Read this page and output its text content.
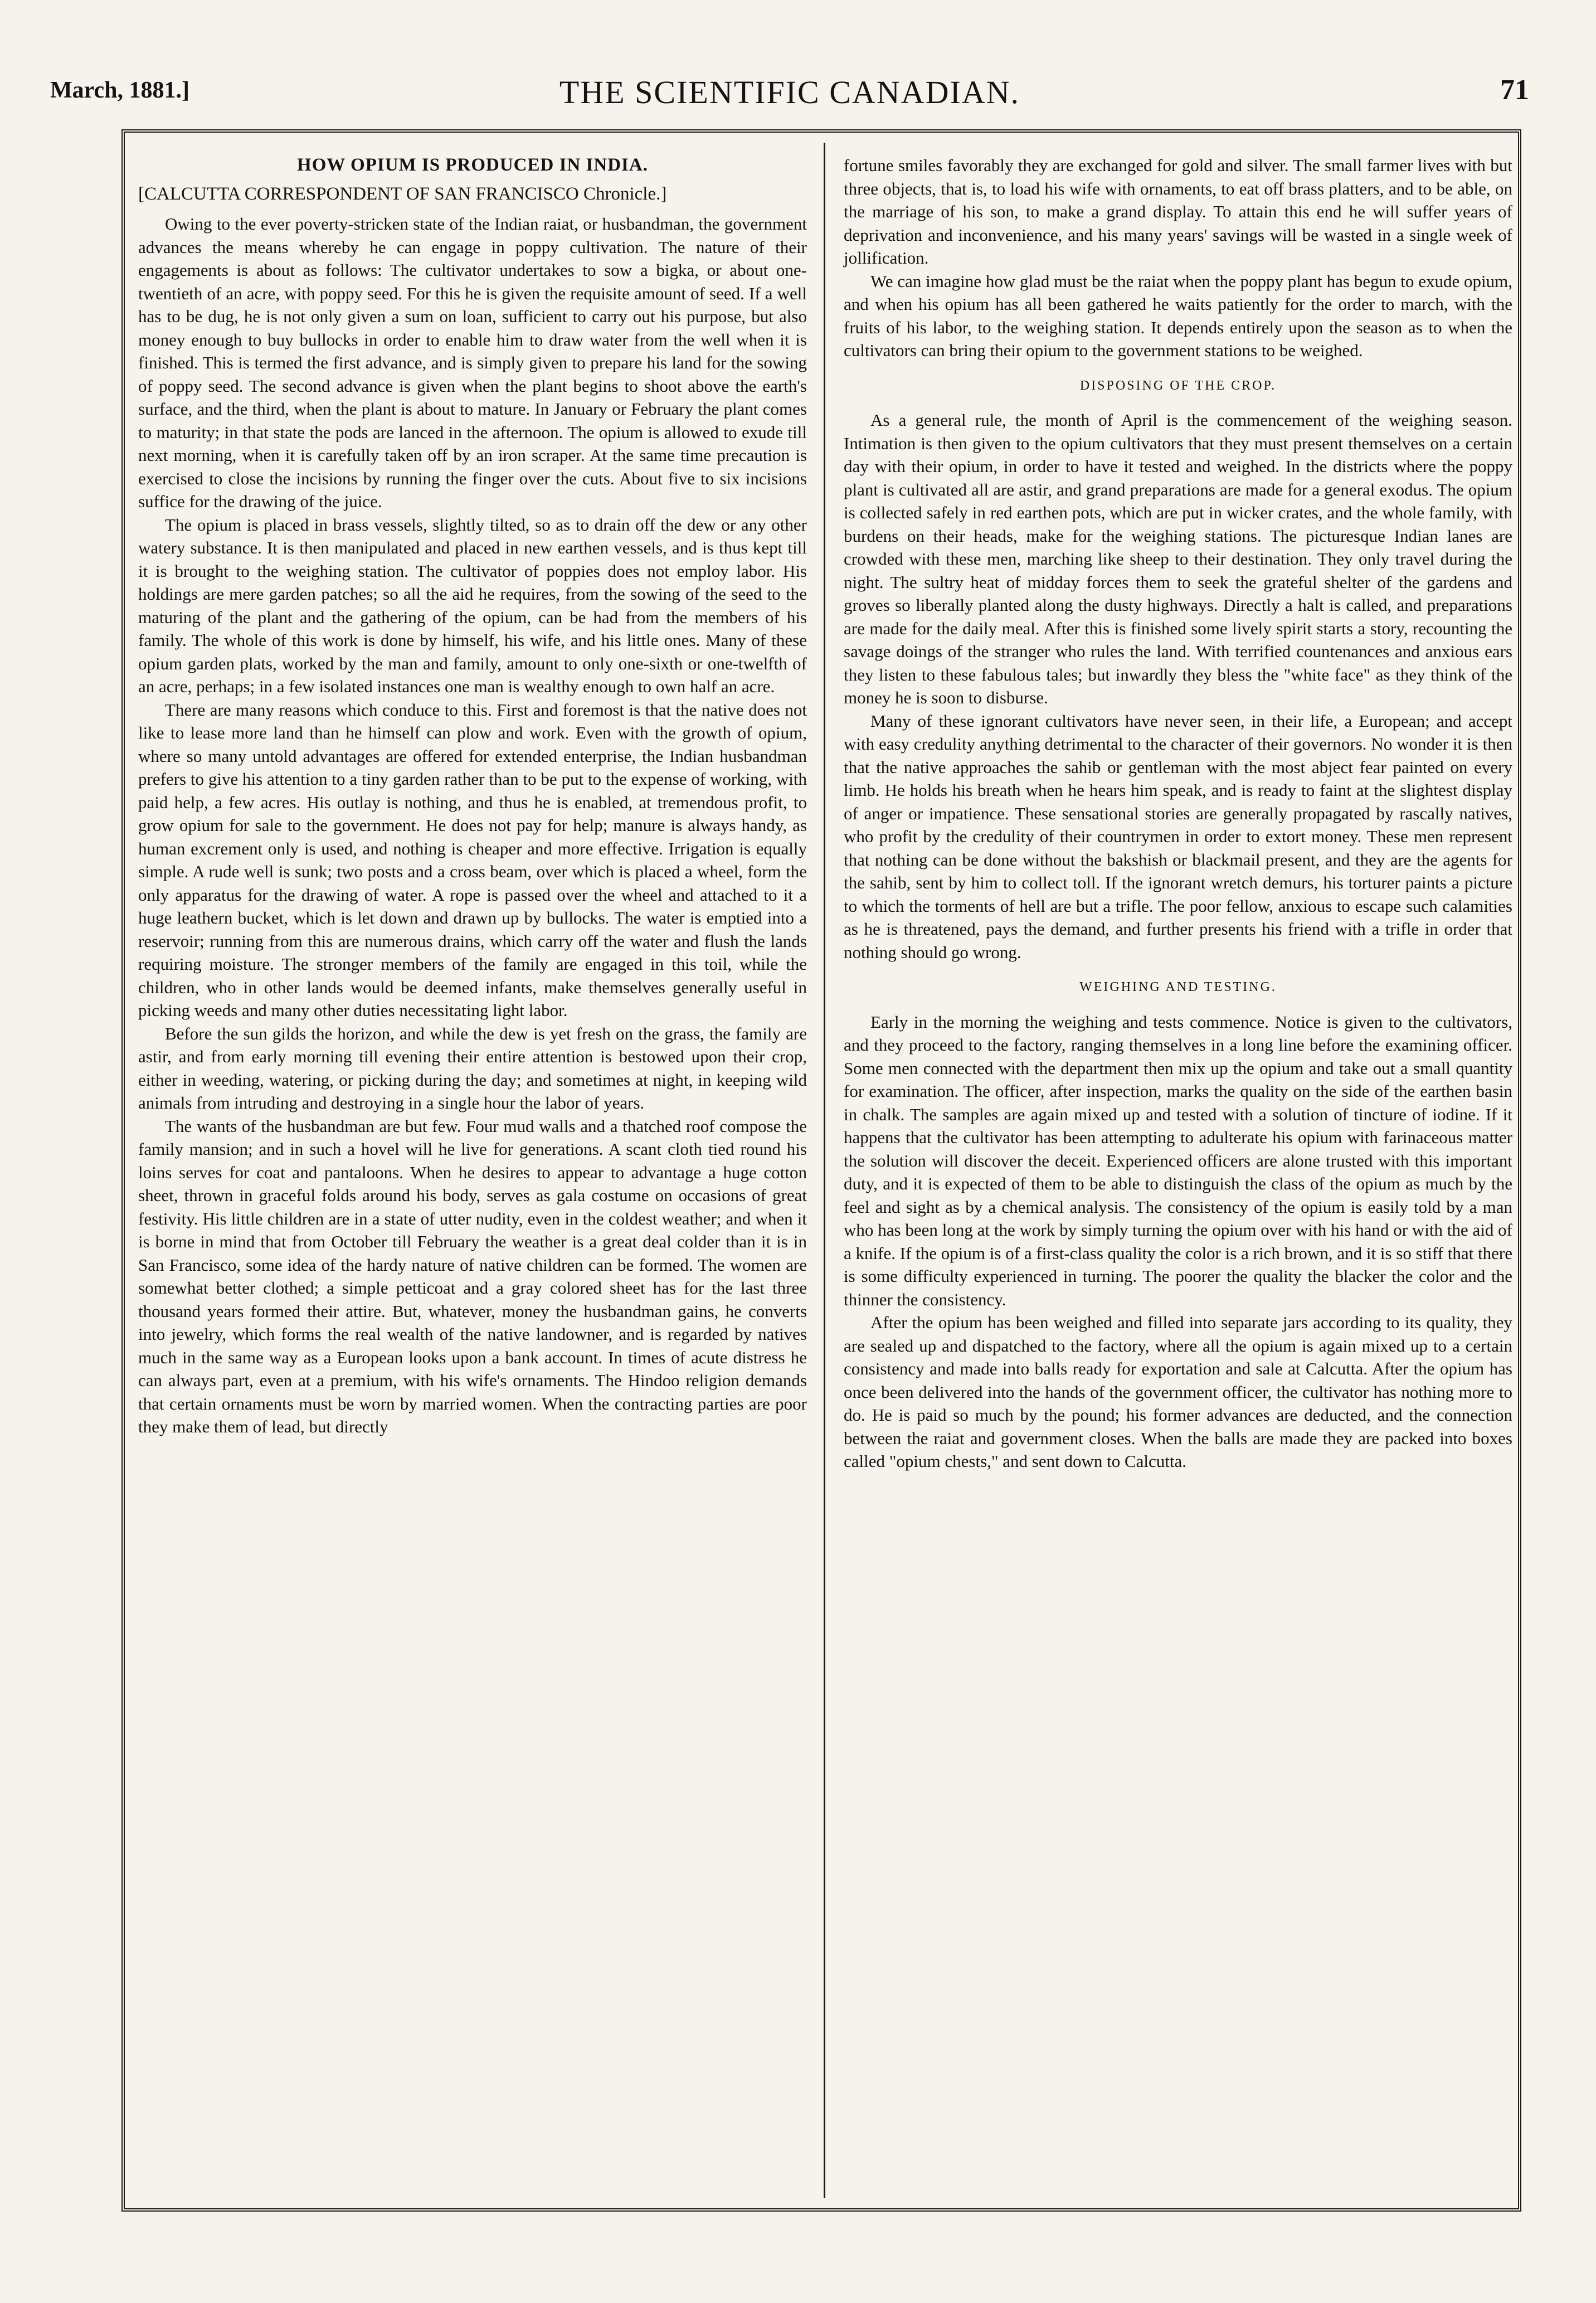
March, 1881.]	THE SCIENTIFIC CANADIAN.	71

HOW OPIUM IS PRODUCED IN INDIA.

[CALCUTTA CORRESPONDENT OF SAN FRANCISCO Chronicle.]

Owing to the ever poverty-stricken state of the Indian raiat, or husbandman, the government advances the means whereby he can engage in poppy cultivation. The nature of their engagements is about as follows: The cultivator undertakes to sow a bigka, or about one-twentieth of an acre, with poppy seed. For this he is given the requisite amount of seed. If a well has to be dug, he is not only given a sum on loan, sufficient to carry out his purpose, but also money enough to buy bullocks in order to enable him to draw water from the well when it is finished. This is termed the first advance, and is simply given to prepare his land for the sowing of poppy seed. The second advance is given when the plant begins to shoot above the earth's surface, and the third, when the plant is about to mature. In January or February the plant comes to maturity; in that state the pods are lanced in the afternoon. The opium is allowed to exude till next morning, when it is carefully taken off by an iron scraper. At the same time precaution is exercised to close the incisions by running the finger over the cuts. About five to six incisions suffice for the drawing of the juice.

The opium is placed in brass vessels, slightly tilted, so as to drain off the dew or any other watery substance. It is then manipulated and placed in new earthen vessels, and is thus kept till it is brought to the weighing station. The cultivator of poppies does not employ labor. His holdings are mere garden patches; so all the aid he requires, from the sowing of the seed to the maturing of the plant and the gathering of the opium, can be had from the members of his family. The whole of this work is done by himself, his wife, and his little ones. Many of these opium garden plats, worked by the man and family, amount to only one-sixth or one-twelfth of an acre, perhaps; in a few isolated instances one man is wealthy enough to own half an acre.

There are many reasons which conduce to this. First and foremost is that the native does not like to lease more land than he himself can plow and work. Even with the growth of opium, where so many untold advantages are offered for extended enterprise, the Indian husbandman prefers to give his attention to a tiny garden rather than to be put to the expense of working, with paid help, a few acres. His outlay is nothing, and thus he is enabled, at tremendous profit, to grow opium for sale to the government. He does not pay for help; manure is always handy, as human excrement only is used, and nothing is cheaper and more effective. Irrigation is equally simple. A rude well is sunk; two posts and a cross beam, over which is placed a wheel, form the only apparatus for the drawing of water. A rope is passed over the wheel and attached to it a huge leathern bucket, which is let down and drawn up by bullocks. The water is emptied into a reservoir; running from this are numerous drains, which carry off the water and flush the lands requiring moisture. The stronger members of the family are engaged in this toil, while the children, who in other lands would be deemed infants, make themselves generally useful in picking weeds and many other duties necessitating light labor.

Before the sun gilds the horizon, and while the dew is yet fresh on the grass, the family are astir, and from early morning till evening their entire attention is bestowed upon their crop, either in weeding, watering, or picking during the day; and sometimes at night, in keeping wild animals from intruding and destroying in a single hour the labor of years.

The wants of the husbandman are but few. Four mud walls and a thatched roof compose the family mansion; and in such a hovel will he live for generations. A scant cloth tied round his loins serves for coat and pantaloons. When he desires to appear to advantage a huge cotton sheet, thrown in graceful folds around his body, serves as gala costume on occasions of great festivity. His little children are in a state of utter nudity, even in the coldest weather; and when it is borne in mind that from October till February the weather is a great deal colder than it is in San Francisco, some idea of the hardy nature of native children can be formed. The women are somewhat better clothed; a simple petticoat and a gray colored sheet has for the last three thousand years formed their attire. But, whatever, money the husbandman gains, he converts into jewelry, which forms the real wealth of the native landowner, and is regarded by natives much in the same way as a European looks upon a bank account. In times of acute distress he can always part, even at a premium, with his wife's ornaments. The Hindoo religion demands that certain ornaments must be worn by married women. When the contracting parties are poor they make them of lead, but directly

fortune smiles favorably they are exchanged for gold and silver. The small farmer lives with but three objects, that is, to load his wife with ornaments, to eat off brass platters, and to be able, on the marriage of his son, to make a grand display. To attain this end he will suffer years of deprivation and inconvenience, and his many years' savings will be wasted in a single week of jollification.

We can imagine how glad must be the raiat when the poppy plant has begun to exude opium, and when his opium has all been gathered he waits patiently for the order to march, with the fruits of his labor, to the weighing station. It depends entirely upon the season as to when the cultivators can bring their opium to the government stations to be weighed.

DISPOSING OF THE CROP.

As a general rule, the month of April is the commencement of the weighing season. Intimation is then given to the opium cultivators that they must present themselves on a certain day with their opium, in order to have it tested and weighed. In the districts where the poppy plant is cultivated all are astir, and grand preparations are made for a general exodus. The opium is collected safely in red earthen pots, which are put in wicker crates, and the whole family, with burdens on their heads, make for the weighing stations. The picturesque Indian lanes are crowded with these men, marching like sheep to their destination. They only travel during the night. The sultry heat of midday forces them to seek the grateful shelter of the gardens and groves so liberally planted along the dusty highways. Directly a halt is called, and preparations are made for the daily meal. After this is finished some lively spirit starts a story, recounting the savage doings of the stranger who rules the land. With terrified countenances and anxious ears they listen to these fabulous tales; but inwardly they bless the "white face" as they think of the money he is soon to disburse.

Many of these ignorant cultivators have never seen, in their life, a European; and accept with easy credulity anything detrimental to the character of their governors. No wonder it is then that the native approaches the sahib or gentleman with the most abject fear painted on every limb. He holds his breath when he hears him speak, and is ready to faint at the slightest display of anger or impatience. These sensational stories are generally propagated by rascally natives, who profit by the credulity of their countrymen in order to extort money. These men represent that nothing can be done without the bakshish or blackmail present, and they are the agents for the sahib, sent by him to collect toll. If the ignorant wretch demurs, his torturer paints a picture to which the torments of hell are but a trifle. The poor fellow, anxious to escape such calamities as he is threatened, pays the demand, and further presents his friend with a trifle in order that nothing should go wrong.

WEIGHING AND TESTING.

Early in the morning the weighing and tests commence. Notice is given to the cultivators, and they proceed to the factory, ranging themselves in a long line before the examining officer. Some men connected with the department then mix up the opium and take out a small quantity for examination. The officer, after inspection, marks the quality on the side of the earthen basin in chalk. The samples are again mixed up and tested with a solution of tincture of iodine. If it happens that the cultivator has been attempting to adulterate his opium with farinaceous matter the solution will discover the deceit. Experienced officers are alone trusted with this important duty, and it is expected of them to be able to distinguish the class of the opium as much by the feel and sight as by a chemical analysis. The consistency of the opium is easily told by a man who has been long at the work by simply turning the opium over with his hand or with the aid of a knife. If the opium is of a first-class quality the color is a rich brown, and it is so stiff that there is some difficulty experienced in turning. The poorer the quality the blacker the color and the thinner the consistency.

After the opium has been weighed and filled into separate jars according to its quality, they are sealed up and dispatched to the factory, where all the opium is again mixed up to a certain consistency and made into balls ready for exportation and sale at Calcutta. After the opium has once been delivered into the hands of the government officer, the cultivator has nothing more to do. He is paid so much by the pound; his former advances are deducted, and the connection between the raiat and government closes. When the balls are made they are packed into boxes called "opium chests," and sent down to Calcutta.
